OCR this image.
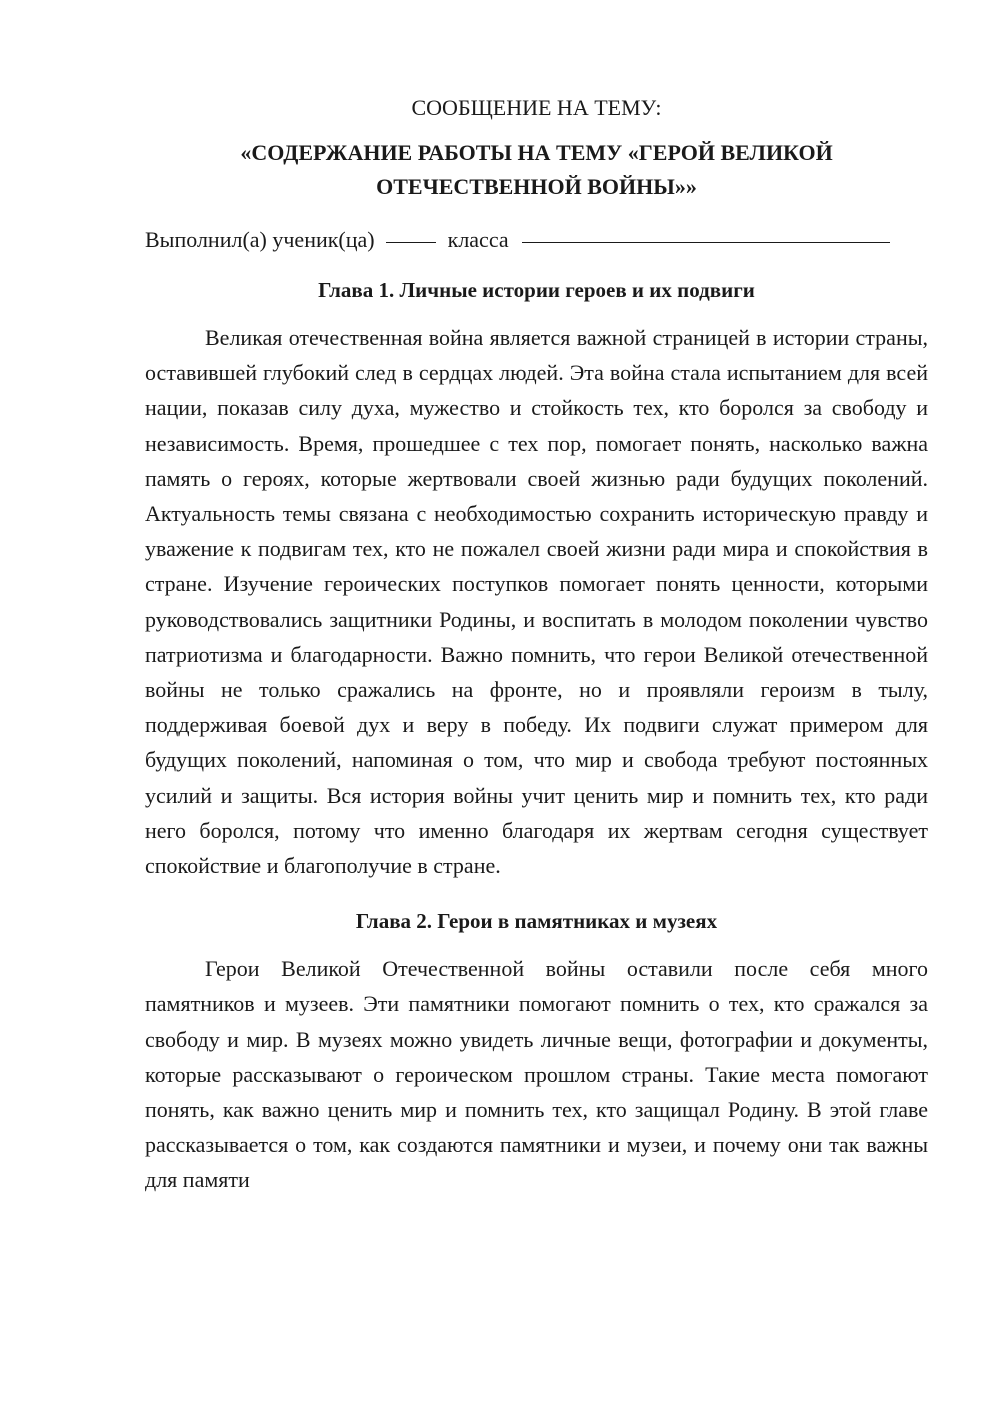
СООБЩЕНИЕ НА ТЕМУ:
«СОДЕРЖАНИЕ РАБОТЫ НА ТЕМУ «ГЕРОЙ ВЕЛИКОЙ
ОТЕЧЕСТВЕННОЙ ВОЙНЫ»»
Выполнил(а) ученик(ца)	класса
Глава 1. Личные истории героев и их подвиги

Великая отечественная война является важной страницей в истории страны, оставившей глубокий след в сердцах людей. Эта война стала испытанием для всей нации, показав силу духа, мужество и стойкость тех, кто боролся за свободу и независимость. Время, прошедшее с тех пор, помогает понять, насколько важна память о героях, которые жертвовали своей жизнью ради будущих поколений. Актуальность темы связана с необходимостью сохранить историческую правду и уважение к подвигам тех, кто не пожалел своей жизни ради мира и спокойствия в стране. Изучение героических поступков помогает понять ценности, которыми руководствовались защитники Родины, и воспитать в молодом поколении чувство патриотизма и благодарности. Важно помнить, что герои Великой отечественной войны не только сражались на фронте, но и проявляли героизм в тылу, поддерживая боевой дух и веру в победу. Их подвиги служат примером для будущих поколений, напоминая о том, что мир и свобода требуют постоянных усилий и защиты. Вся история войны учит ценить мир и помнить тех, кто ради него боролся, потому что именно благодаря их жертвам сегодня существует спокойствие и благополучие в стране.

Глава 2. Герои в памятниках и музеях

Герои Великой Отечественной войны оставили после себя много памятников и музеев. Эти памятники помогают помнить о тех, кто сражался за свободу и мир. В музеях можно увидеть личные вещи, фотографии и документы, которые рассказывают о героическом прошлом страны. Такие места помогают понять, как важно ценить мир и помнить тех, кто защищал Родину. В этой главе рассказывается о том, как создаются памятники и музеи, и почему они так важны для памяти
